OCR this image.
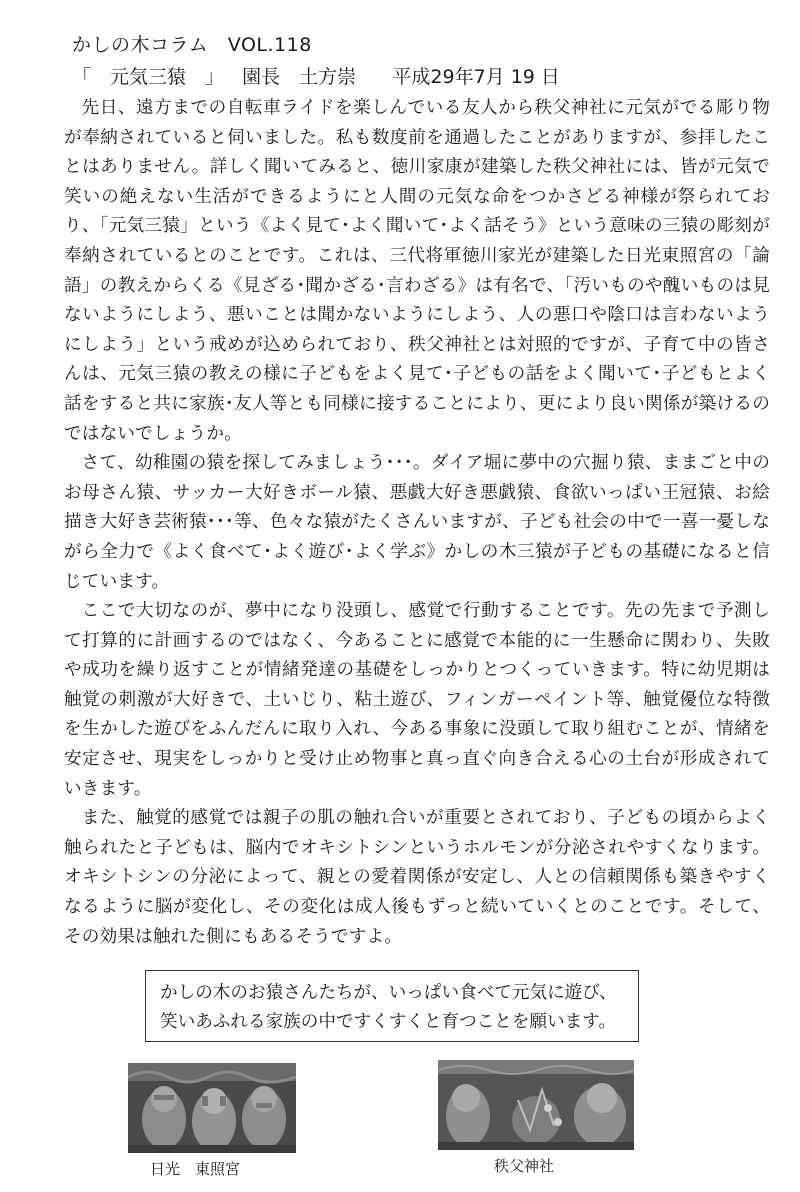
かしの木コラム　VOL.118
「　元気三猿　」 園長　土方崇 平成29年7月 19 日

先日、遠方までの自転車ライドを楽しんでいる友人から秩父神社に元気がでる彫り物が奉納されていると伺いました。私も数度前を通過したことがありますが、参拝したことはありません。詳しく聞いてみると、徳川家康が建築した秩父神社には、皆が元気で笑いの絶えない生活ができるようにと人間の元気な命をつかさどる神様が祭られており、「元気三猿」という《よく見て･よく聞いて･よく話そう》という意味の三猿の彫刻が奉納されているとのことです。これは、三代将軍徳川家光が建築した日光東照宮の「論語」の教えからくる《見ざる･聞かざる･言わざる》は有名で、「汚いものや醜いものは見ないようにしよう、悪いことは聞かないようにしよう、人の悪口や陰口は言わないようにしよう」という戒めが込められており、秩父神社とは対照的ですが、子育て中の皆さんは、元気三猿の教えの様に子どもをよく見て･子どもの話をよく聞いて･子どもとよく話をすると共に家族･友人等とも同様に接することにより、更により良い関係が築けるのではないでしょうか。

さて、幼稚園の猿を探してみましょう･･･。ダイア堀に夢中の穴掘り猿、ままごと中のお母さん猿、サッカー大好きボール猿、悪戯大好き悪戯猿、食欲いっぱい王冠猿、お絵描き大好き芸術猿･･･等、色々な猿がたくさんいますが、子ども社会の中で一喜一憂しながら全力で《よく食べて･よく遊び･よく学ぶ》かしの木三猿が子どもの基礎になると信じています。

ここで大切なのが、夢中になり没頭し、感覚で行動することです。先の先まで予測して打算的に計画するのではなく、今あることに感覚で本能的に一生懸命に関わり、失敗や成功を繰り返すことが情緒発達の基礎をしっかりとつくっていきます。特に幼児期は触覚の刺激が大好きで、土いじり、粘土遊び、フィンガーペイント等、触覚優位な特徴を生かした遊びをふんだんに取り入れ、今ある事象に没頭して取り組むことが、情緒を安定させ、現実をしっかりと受け止め物事と真っ直ぐ向き合える心の土台が形成されていきます。

また、触覚的感覚では親子の肌の触れ合いが重要とされており、子どもの頃からよく触られたと子どもは、脳内でオキシトシンというホルモンが分泌されやすくなります。オキシトシンの分泌によって、親との愛着関係が安定し、人との信頼関係も築きやすくなるように脳が変化し、その変化は成人後もずっと続いていくとのことです。そして、その効果は触れた側にもあるそうですよ。

かしの木のお猿さんたちが、いっぱい食べて元気に遊び、
笑いあふれる家族の中ですくすくと育つことを願います。
日光　東照宮	秩父神社
